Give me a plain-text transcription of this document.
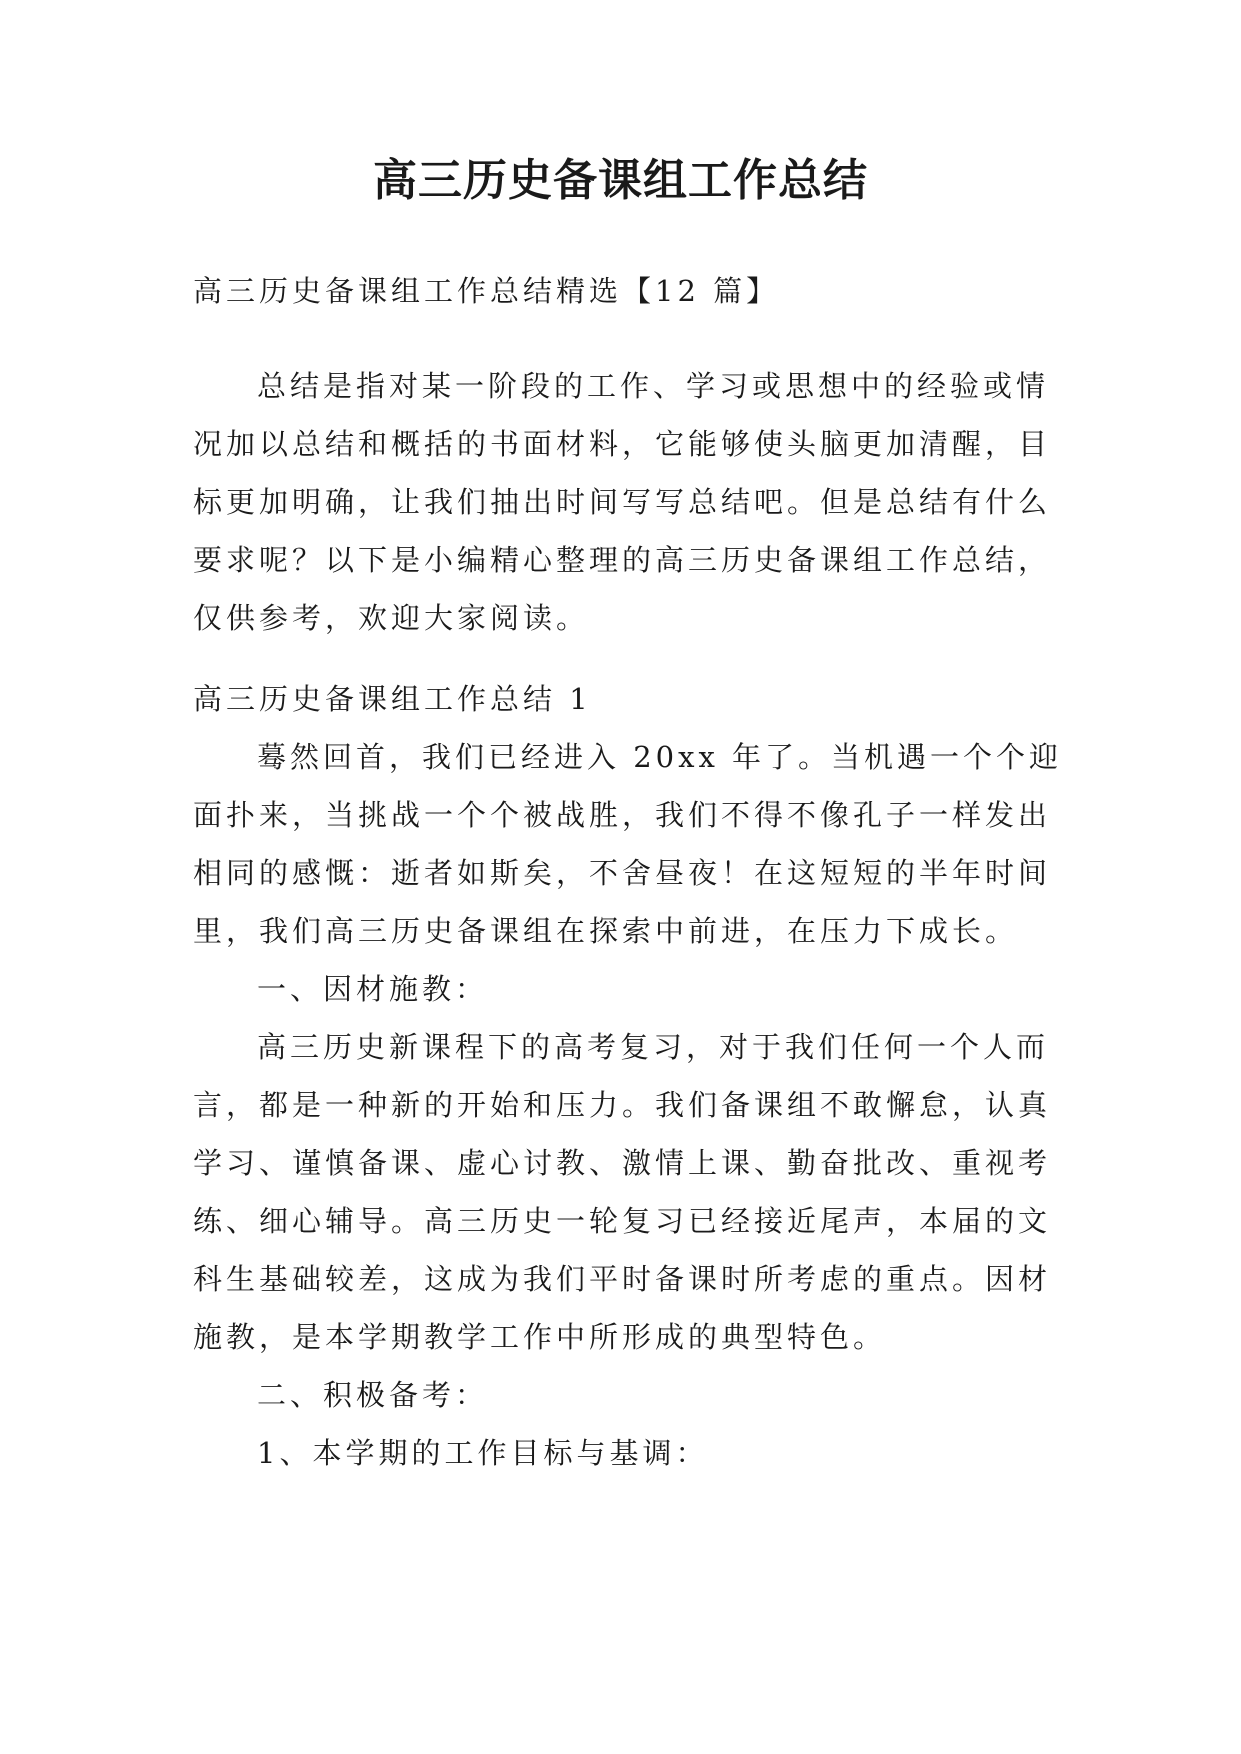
高三历史备课组工作总结
高三历史备课组工作总结精选【12 篇】
总结是指对某一阶段的工作、学习或思想中的经验或情
况加以总结和概括的书面材料，它能够使头脑更加清醒，目
标更加明确，让我们抽出时间写写总结吧。但是总结有什么
要求呢？以下是小编精心整理的高三历史备课组工作总结，
仅供参考，欢迎大家阅读。
高三历史备课组工作总结 1
蓦然回首，我们已经进入 20xx 年了。当机遇一个个迎
面扑来，当挑战一个个被战胜，我们不得不像孔子一样发出
相同的感慨：逝者如斯矣，不舍昼夜！在这短短的半年时间
里，我们高三历史备课组在探索中前进，在压力下成长。
一、因材施教：
高三历史新课程下的高考复习，对于我们任何一个人而
言，都是一种新的开始和压力。我们备课组不敢懈怠，认真
学习、谨慎备课、虚心讨教、激情上课、勤奋批改、重视考
练、细心辅导。高三历史一轮复习已经接近尾声，本届的文
科生基础较差，这成为我们平时备课时所考虑的重点。因材
施教，是本学期教学工作中所形成的典型特色。
二、积极备考：
1、本学期的工作目标与基调：
